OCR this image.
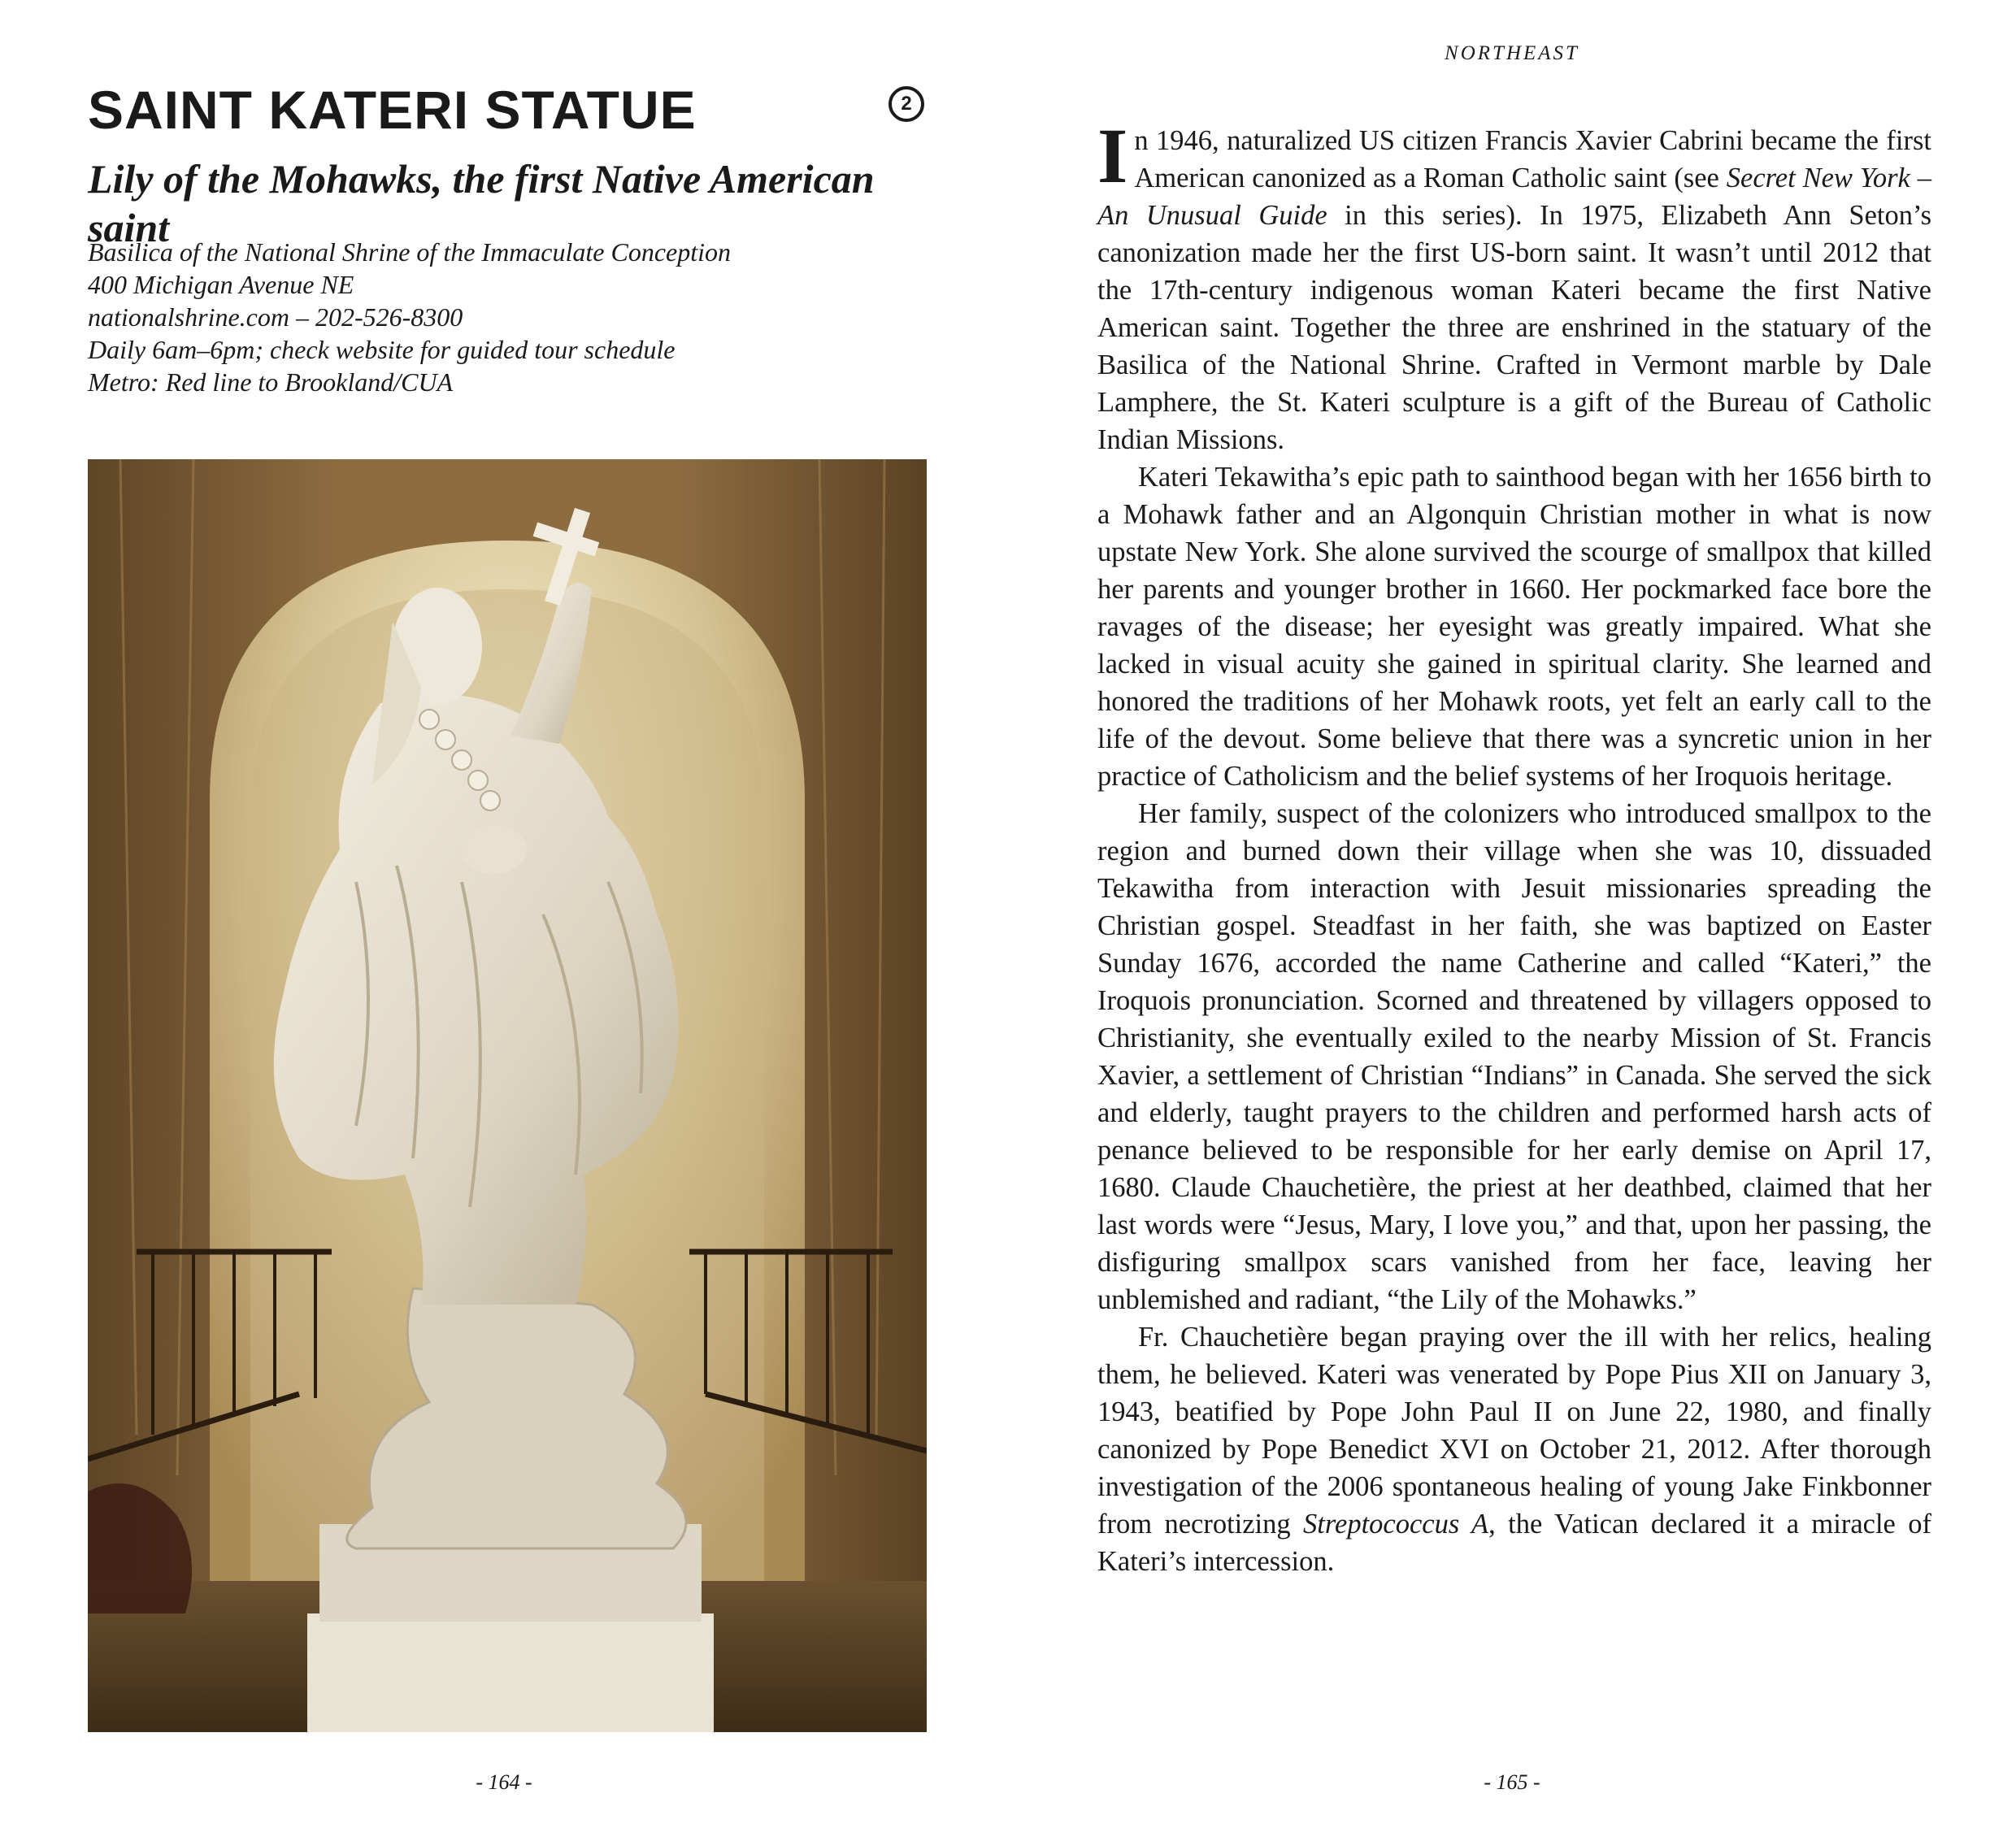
SAINT KATERI STATUE	2
Lily of the Mohawks, the first Native American saint
Basilica of the National Shrine of the Immaculate Conception
400 Michigan Avenue NE
nationalshrine.com – 202-526-8300
Daily 6am–6pm; check website for guided tour schedule
Metro: Red line to Brookland/CUA
- 164 -
NORTHEAST

In 1946, naturalized US citizen Francis Xavier Cabrini became the first American canonized as a Roman Catholic saint (see Secret New York – An Unusual Guide in this series). In 1975, Elizabeth Ann Seton’s canonization made her the first US-born saint. It wasn’t until 2012 that the 17th-century indigenous woman Kateri became the first Native American saint. Together the three are enshrined in the statuary of the Basilica of the National Shrine. Crafted in Vermont marble by Dale Lamphere, the St. Kateri sculpture is a gift of the Bureau of Catholic Indian Missions.

Kateri Tekawitha’s epic path to sainthood began with her 1656 birth to a Mohawk father and an Algonquin Christian mother in what is now upstate New York. She alone survived the scourge of smallpox that killed her parents and younger brother in 1660. Her pockmarked face bore the ravages of the disease; her eyesight was greatly impaired. What she lacked in visual acuity she gained in spiritual clarity. She learned and honored the traditions of her Mohawk roots, yet felt an early call to the life of the devout. Some believe that there was a syncretic union in her practice of Catholicism and the belief systems of her Iroquois heritage.

Her family, suspect of the colonizers who introduced smallpox to the region and burned down their village when she was 10, dissuaded Tekawitha from interaction with Jesuit missionaries spreading the Christian gospel. Steadfast in her faith, she was baptized on Easter Sunday 1676, accorded the name Catherine and called “Kateri,” the Iroquois pronunciation. Scorned and threatened by villagers opposed to Christianity, she eventually exiled to the nearby Mission of St. Francis Xavier, a settlement of Christian “Indians” in Canada. She served the sick and elderly, taught prayers to the children and performed harsh acts of penance believed to be responsible for her early demise on April 17, 1680. Claude Chauchetière, the priest at her deathbed, claimed that her last words were “Jesus, Mary, I love you,” and that, upon her passing, the disfiguring smallpox scars vanished from her face, leaving her unblemished and radiant, “the Lily of the Mohawks.”

Fr. Chauchetière began praying over the ill with her relics, healing them, he believed. Kateri was venerated by Pope Pius XII on January 3, 1943, beatified by Pope John Paul II on June 22, 1980, and finally canonized by Pope Benedict XVI on October 21, 2012. After thorough investigation of the 2006 spontaneous healing of young Jake Finkbonner from necrotizing Streptococcus A, the Vatican declared it a miracle of Kateri’s intercession.

- 165 -
